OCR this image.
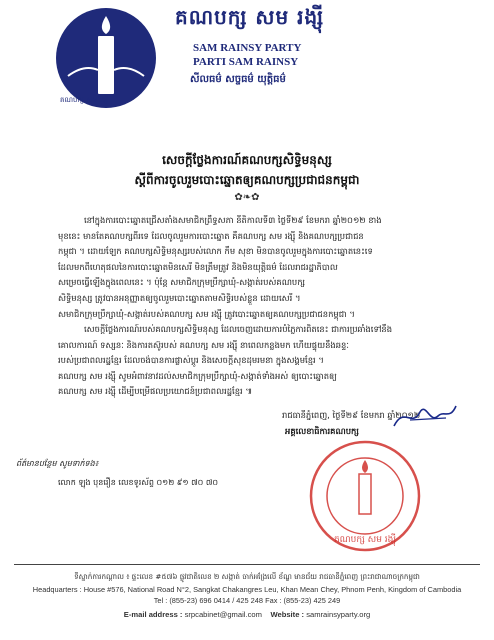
គណបក្ស សម រង្ស៊ី
គណបក្ស សម រង្ស៊ី
SAM RAINSY PARTY
PARTI SAM RAINSY
សីលធម៌ សច្ចធម៌ យុត្តិធម៌
សេចក្តីថ្លែងការណ៍គណបក្សសិទ្ធិមនុស្ស
ស្តីពីការចូលរួមបោះឆ្នោតឲ្យគណបក្សប្រជាជនកម្ពុជា
✿❧✿
នៅក្នុងការបោះឆ្នោតជ្រើសតាំងសមាជិកព្រឹទ្ធសភា នីតិកាលទី៣ ថ្ងៃទី២៩ ខែមករា ឆ្នាំ២០១២ ខាង
មុខនេះ មានតែគណបក្សពីរទេ ដែលចូលរួមការបោះឆ្នោត គឺគណបក្ស សម រង្ស៊ី និងគណបក្សប្រជាជន
កម្ពុជា ។ ដោយឡែក គណបក្សសិទ្ធិមនុស្សរបស់លោក កឹម សុខា មិនបានចូលរួមក្នុងការបោះឆ្នោតនេះទេ
ដែលមកពីហេតុផលនៃការបោះឆ្នោតមិនសេរី មិនត្រឹមត្រូវ និងមិនយុត្តិធម៌ ដែលរាជរដ្ឋាភិបាល
សម្រេចធ្វើឡើងក្នុងពេលនេះ ។ ប៉ុន្តែ សមាជិកក្រុមប្រឹក្សាឃុំ-សង្កាត់របស់គណបក្ស
សិទ្ធិមនុស្ស ត្រូវបានអនុញ្ញាតឲ្យចូលរួមបោះឆ្នោតតាមសិទ្ធិរបស់ខ្លួន ដោយសេរី ។
សមាជិកក្រុមប្រឹក្សាឃុំ-សង្កាត់របស់គណបក្ស សម រង្ស៊ី ត្រូវបោះឆ្នោតឲ្យគណបក្សប្រជាជនកម្ពុជា ។
សេចក្តីថ្លែងការណ៍របស់គណបក្សសិទ្ធិមនុស្ស ដែលចេញដោយការបំភ្លៃការពិតនេះ ជាការប្រឆាំងទៅនឹង
គោលការណ៍ ទស្សនៈ និងការតស៊ូរបស់ គណបក្ស សម រង្ស៊ី នាពេលកន្លងមក ហើយផ្ទុយនឹងឆន្ទៈ
របស់ប្រជាពលរដ្ឋខ្មែរ ដែលចង់បានការផ្លាស់ប្តូរ និងសេចក្តីសុខដុមរមនា ក្នុងសង្គមខ្មែរ ។
គណបក្ស សម រង្ស៊ី សូមអំពាវនាវដល់សមាជិកក្រុមប្រឹក្សាឃុំ-សង្កាត់ទាំងអស់ ឲ្យបោះឆ្នោតឲ្យ
គណបក្ស សម រង្ស៊ី ដើម្បីបម្រើផលប្រយោជន៍ប្រជាពលរដ្ឋខ្មែរ ៕
រាជធានីភ្នំពេញ, ថ្ងៃទី២៩ ខែមករា ឆ្នាំ២០១២
អគ្គលេខាធិការគណបក្ស
គណបក្ស សម រង្ស៊ី
ព័ត៌មានបន្ថែម សូមទាក់ទង៖
លោក ឡុង បុនរឿន លេខទូរស័ព្ទ ០១២ ៩១ ៧០ ៧០
ទីស្នាក់ការកណ្តាល ៖ ផ្ទះលេខ #៥៧៦ ផ្លូវជាតិលេខ ២ សង្កាត់ ចាក់អង្រែលើ ខ័ណ្ឌ មានជ័យ រាជធានីភ្នំពេញ ព្រះរាជាណាចក្រកម្ពុជា
Headquarters : House #576, National Road N°2, Sangkat Chakangres Leu, Khan Mean Chey, Phnom Penh, Kingdom of Cambodia
Tel : (855-23) 696 0414 / 425 248 Fax : (855-23) 425 249
E-mail address : srpcabinet@gmail.com Website : samrainsyparty.org
